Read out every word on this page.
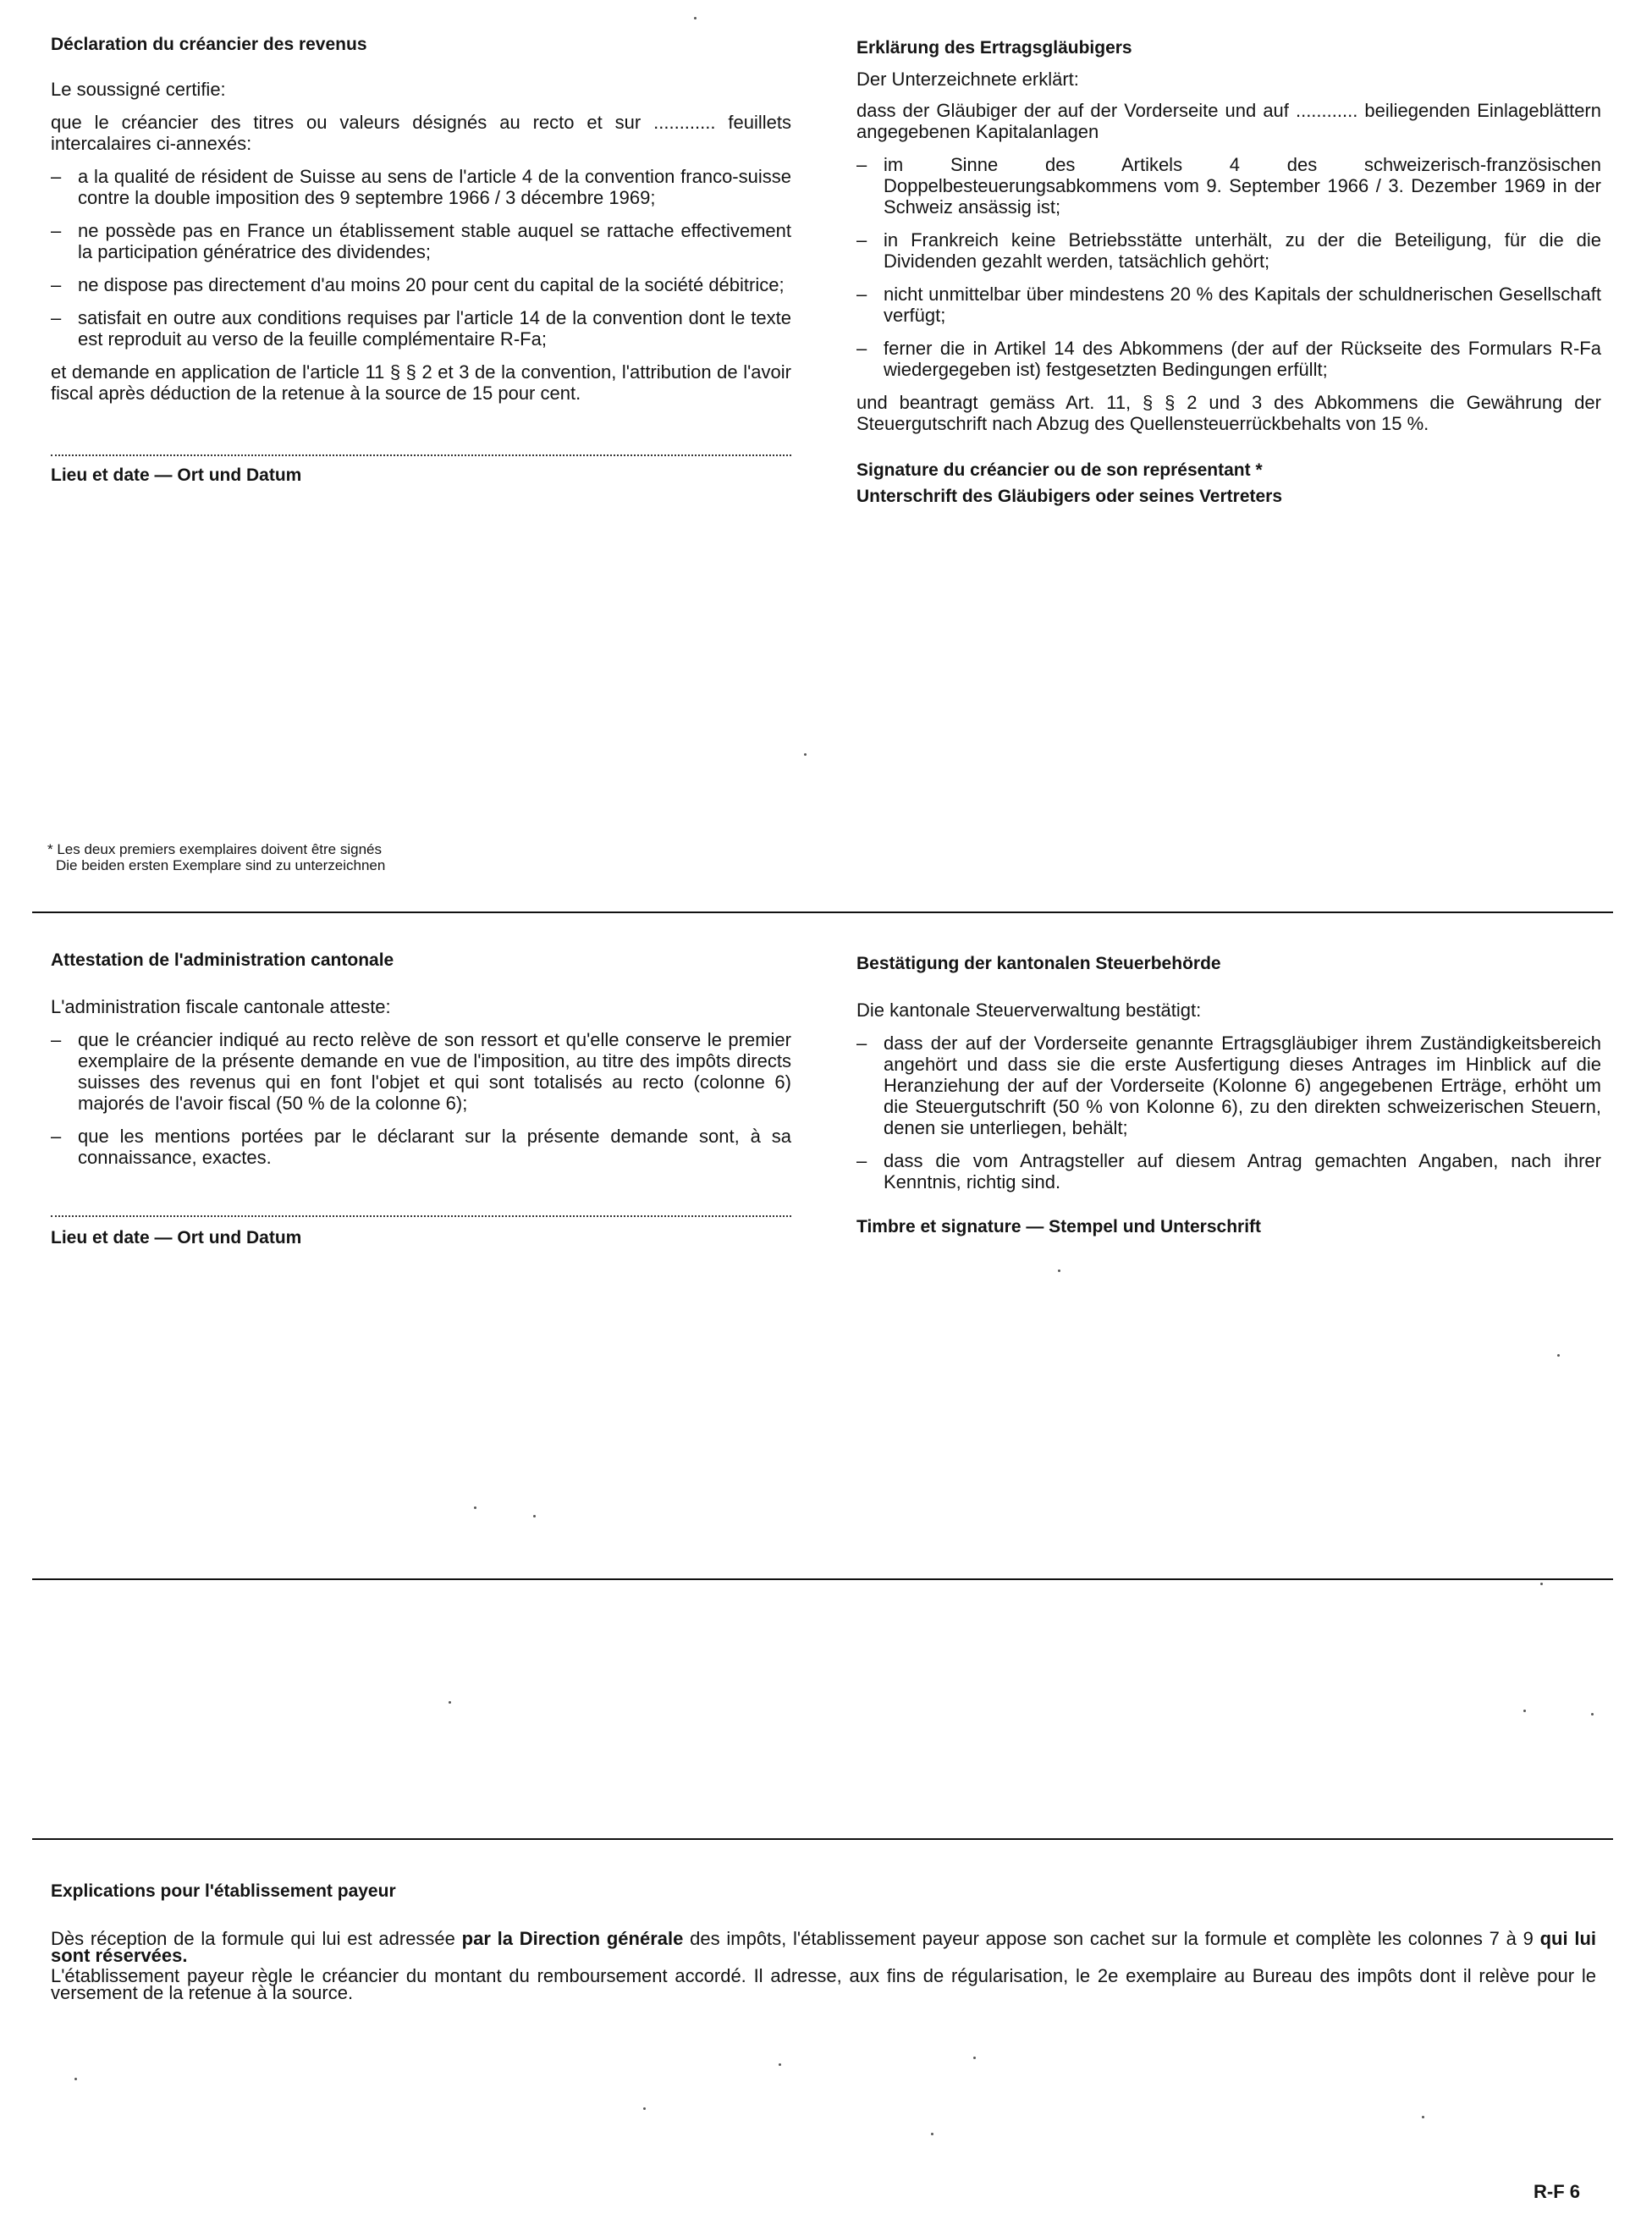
Déclaration du créancier des revenus

Le soussigné certifie:

que le créancier des titres ou valeurs désignés au recto et sur ............ feuillets intercalaires ci-annexés:

– a la qualité de résident de Suisse au sens de l'article 4 de la convention franco-suisse contre la double imposition des 9 septembre 1966 / 3 décembre 1969;

– ne possède pas en France un établissement stable auquel se rattache effectivement la participation génératrice des dividendes;

– ne dispose pas directement d'au moins 20 pour cent du capital de la société débitrice;

– satisfait en outre aux conditions requises par l'article 14 de la convention dont le texte est reproduit au verso de la feuille complémentaire R-Fa;

et demande en application de l'article 11 § § 2 et 3 de la convention, l'attribution de l'avoir fiscal après déduction de la retenue à la source de 15 pour cent.

Lieu et date — Ort und Datum

Erklärung des Ertragsgläubigers

Der Unterzeichnete erklärt:

dass der Gläubiger der auf der Vorderseite und auf ............ beiliegenden Einlageblättern angegebenen Kapitalanlagen

– im Sinne des Artikels 4 des schweizerisch-französischen Doppelbesteuerungsabkommens vom 9. September 1966 / 3. Dezember 1969 in der Schweiz ansässig ist;

– in Frankreich keine Betriebsstätte unterhält, zu der die Beteiligung, für die die Dividenden gezahlt werden, tatsächlich gehört;

– nicht unmittelbar über mindestens 20 % des Kapitals der schuldnerischen Gesellschaft verfügt;

– ferner die in Artikel 14 des Abkommens (der auf der Rückseite des Formulars R-Fa wiedergegeben ist) festgesetzten Bedingungen erfüllt;

und beantragt gemäss Art. 11, § § 2 und 3 des Abkommens die Gewährung der Steuergutschrift nach Abzug des Quellensteuerrückbehalts von 15 %.

Signature du créancier ou de son représentant *

Unterschrift des Gläubigers oder seines Vertreters

* Les deux premiers exemplaires doivent être signés
Die beiden ersten Exemplare sind zu unterzeichnen

Attestation de l'administration cantonale

L'administration fiscale cantonale atteste:

– que le créancier indiqué au recto relève de son ressort et qu'elle conserve le premier exemplaire de la présente demande en vue de l'imposition, au titre des impôts directs suisses des revenus qui en font l'objet et qui sont totalisés au recto (colonne 6) majorés de l'avoir fiscal (50 % de la colonne 6);

– que les mentions portées par le déclarant sur la présente demande sont, à sa connaissance, exactes.

Lieu et date — Ort und Datum

Bestätigung der kantonalen Steuerbehörde

Die kantonale Steuerverwaltung bestätigt:

– dass der auf der Vorderseite genannte Ertragsgläubiger ihrem Zuständigkeitsbereich angehört und dass sie die erste Ausfertigung dieses Antrages im Hinblick auf die Heranziehung der auf der Vorderseite (Kolonne 6) angegebenen Erträge, erhöht um die Steuergutschrift (50 % von Kolonne 6), zu den direkten schweizerischen Steuern, denen sie unterliegen, behält;

– dass die vom Antragsteller auf diesem Antrag gemachten Angaben, nach ihrer Kenntnis, richtig sind.

Timbre et signature — Stempel und Unterschrift

Explications pour l'établissement payeur

Dès réception de la formule qui lui est adressée par la Direction générale des impôts, l'établissement payeur appose son cachet sur la formule et complète les colonnes 7 à 9 qui lui sont réservées.

L'établissement payeur règle le créancier du montant du remboursement accordé. Il adresse, aux fins de régularisation, le 2e exemplaire au Bureau des impôts dont il relève pour le versement de la retenue à la source.

R-F 6
